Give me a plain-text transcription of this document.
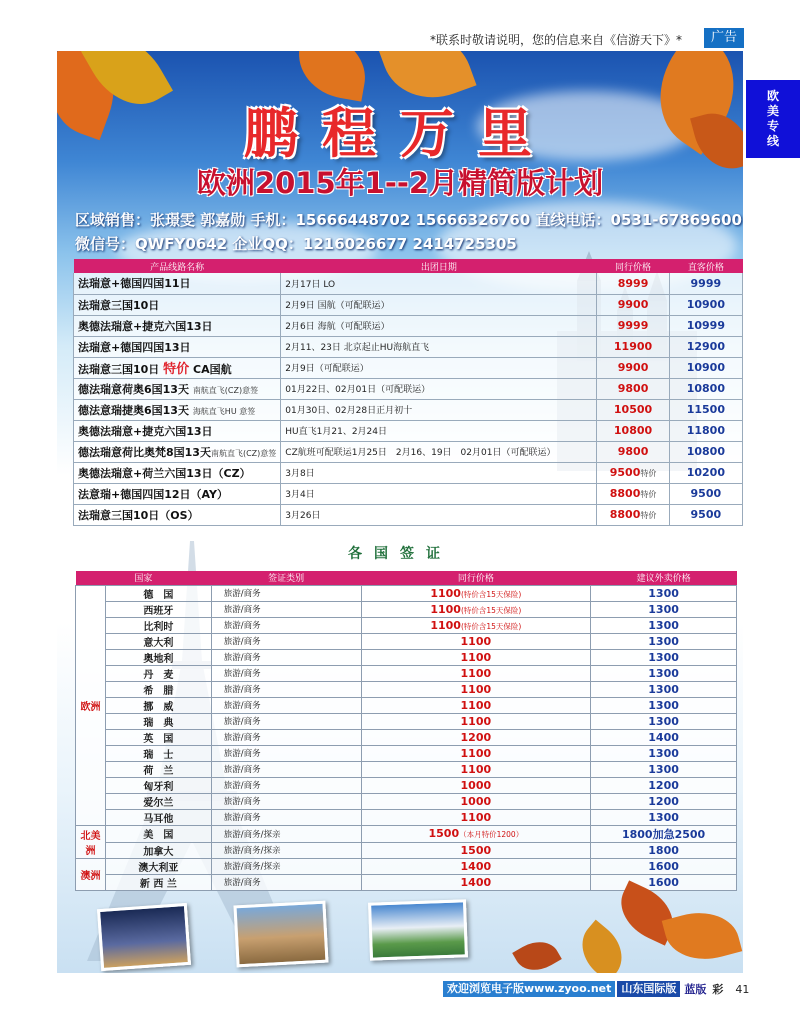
*联系时敬请说明，您的信息来自《信游天下》*	广告
欧
美
专
线
鹏程万里
欧洲2015年1--2月精简版计划
区域销售：张璟雯 郭嘉勋 手机：15666448702 15666326760 直线电话：0531-67869600
微信号：QWFY0642 企业QQ：1216026677 2414725305
产品线路名称	出团日期	同行价格	直客价格
法瑞意+德国四国11日	2月17日 LO	8999	9999
法瑞意三国10日	2月9日 国航（可配联运）	9900	10900
奥德法瑞意+捷克六国13日	2月6日 海航（可配联运）	9999	10999
法瑞意+德国四国13日	2月11、23日 北京起止HU海航直飞	11900	12900
法瑞意三国10日 特价 CA国航	2月9日（可配联运）	9900	10900
德法瑞意荷奥6国13天 南航直飞(CZ)意签	01月22日、02月01日（可配联运）	9800	10800
德法意瑞捷奥6国13天 海航直飞HU 意签	01月30日、02月28日正月初十	10500	11500
奥德法瑞意+捷克六国13日	HU直飞1月21、2月24日	10800	11800
德法瑞意荷比奥梵8国13天南航直飞(CZ)意签	CZ航班可配联运1月25日　2月16、19日　02月01日（可配联运）	9800	10800
奥德法瑞意+荷兰六国13日（CZ）	3月8日	9500特价	10200
法意瑞+德国四国12日（AY）	3月4日	8800特价	9500
法瑞意三国10日（OS）	3月26日	8800特价	9500
各国签证
国家		签证类别	同行价格	建议外卖价格
欧洲	德　国	旅游/商务	1100(特价含15天保险)	1300
	西班牙	旅游/商务	1100(特价含15天保险)	1300
	比利时	旅游/商务	1100(特价含15天保险)	1300
	意大利	旅游/商务	1100	1300
	奥地利	旅游/商务	1100	1300
	丹　麦	旅游/商务	1100	1300
	希　腊	旅游/商务	1100	1300
	挪　威	旅游/商务	1100	1300
	瑞　典	旅游/商务	1100	1300
	英　国	旅游/商务	1200	1400
	瑞　士	旅游/商务	1100	1300
	荷　兰	旅游/商务	1100	1300
	匈牙利	旅游/商务	1000	1200
	爱尔兰	旅游/商务	1000	1200
	马耳他	旅游/商务	1100	1300
北美洲	美　国	旅游/商务/探亲	1500（本月特价1200）	1800加急2500
	加拿大	旅游/商务/探亲	1500	1800
澳洲	澳大利亚	旅游/商务/探亲	1400	1600
	新 西 兰	旅游/商务	1400	1600
欢迎浏览电子版www.zyoo.net 山东国际版 蓝版 彩	41
